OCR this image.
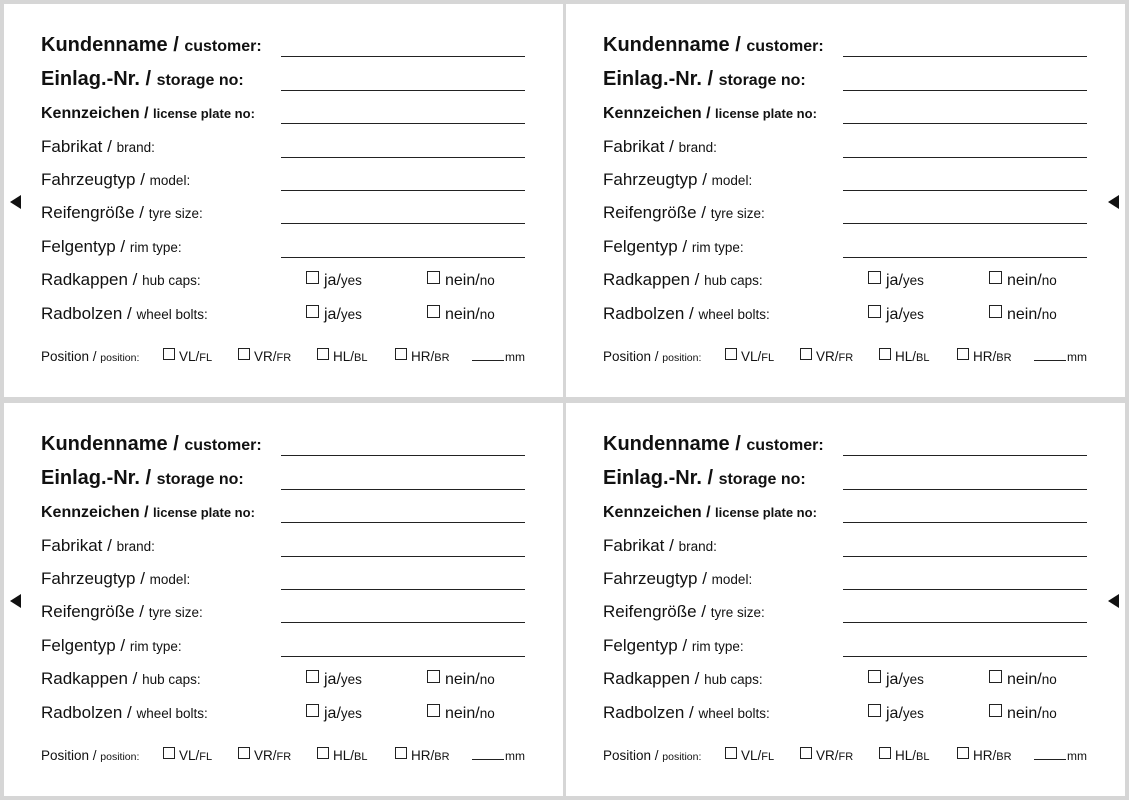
Kundenname / customer:
Einlag.-Nr. / storage no:
Kennzeichen / license plate no:
Fabrikat / brand:
Fahrzeugtyp / model:
Reifengröße / tyre size:
Felgentyp / rim type:
Radkappen / hub caps:	ja/yes	nein/no
Radbolzen / wheel bolts:	ja/yes	nein/no
Position / position:	VL/FL	VR/FR	HL/BL	HR/BR	mm
Kundenname / customer:
Einlag.-Nr. / storage no:
Kennzeichen / license plate no:
Fabrikat / brand:
Fahrzeugtyp / model:
Reifengröße / tyre size:
Felgentyp / rim type:
Radkappen / hub caps:	ja/yes	nein/no
Radbolzen / wheel bolts:	ja/yes	nein/no
Position / position:	VL/FL	VR/FR	HL/BL	HR/BR	mm
Kundenname / customer:
Einlag.-Nr. / storage no:
Kennzeichen / license plate no:
Fabrikat / brand:
Fahrzeugtyp / model:
Reifengröße / tyre size:
Felgentyp / rim type:
Radkappen / hub caps:	ja/yes	nein/no
Radbolzen / wheel bolts:	ja/yes	nein/no
Position / position:	VL/FL	VR/FR	HL/BL	HR/BR	mm
Kundenname / customer:
Einlag.-Nr. / storage no:
Kennzeichen / license plate no:
Fabrikat / brand:
Fahrzeugtyp / model:
Reifengröße / tyre size:
Felgentyp / rim type:
Radkappen / hub caps:	ja/yes	nein/no
Radbolzen / wheel bolts:	ja/yes	nein/no
Position / position:	VL/FL	VR/FR	HL/BL	HR/BR	mm
